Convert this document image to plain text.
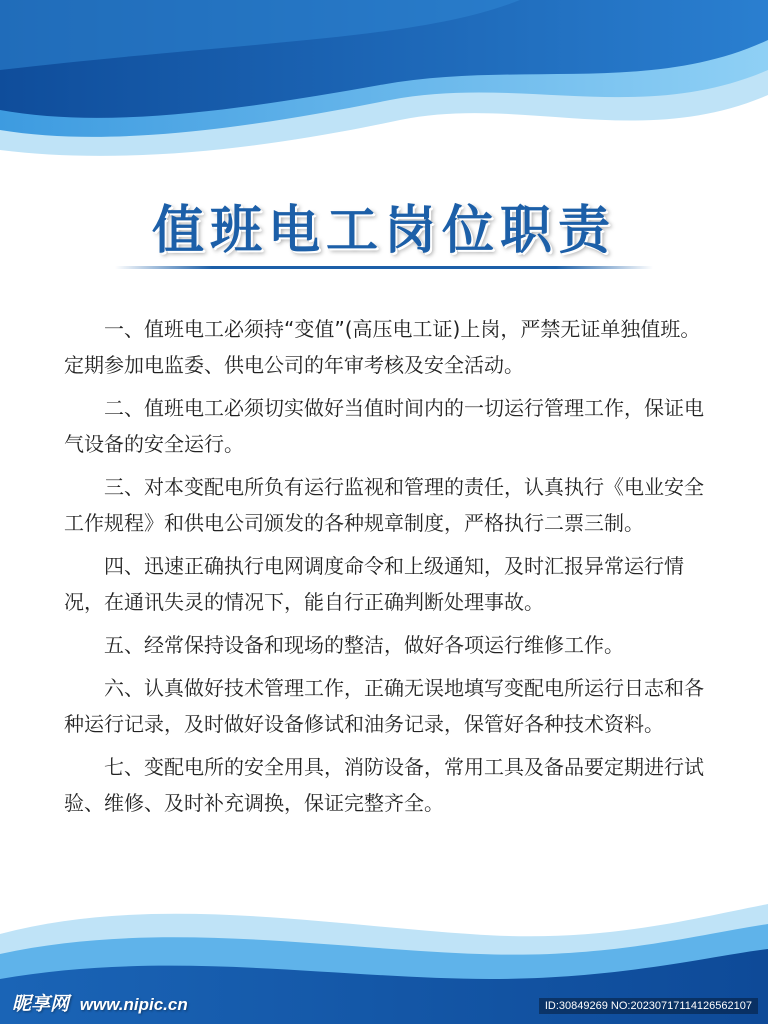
值班电工岗位职责

一、值班电工必须持“变值”(高压电工证)上岗，严禁无证单独值班。定期参加电监委、供电公司的年审考核及安全活动。

二、值班电工必须切实做好当值时间内的一切运行管理工作，保证电气设备的安全运行。

三、对本变配电所负有运行监视和管理的责任，认真执行《电业安全工作规程》和供电公司颁发的各种规章制度，严格执行二票三制。

四、迅速正确执行电网调度命令和上级通知，及时汇报异常运行情况，在通讯失灵的情况下，能自行正确判断处理事故。

五、经常保持设备和现场的整洁，做好各项运行维修工作。

六、认真做好技术管理工作，正确无误地填写变配电所运行日志和各种运行记录，及时做好设备修试和油务记录，保管好各种技术资料。

七、变配电所的安全用具，消防设备，常用工具及备品要定期进行试验、维修、及时补充调换，保证完整齐全。

昵享网 www.nipic.cn	ID:30849269 NO:20230717114126562107
